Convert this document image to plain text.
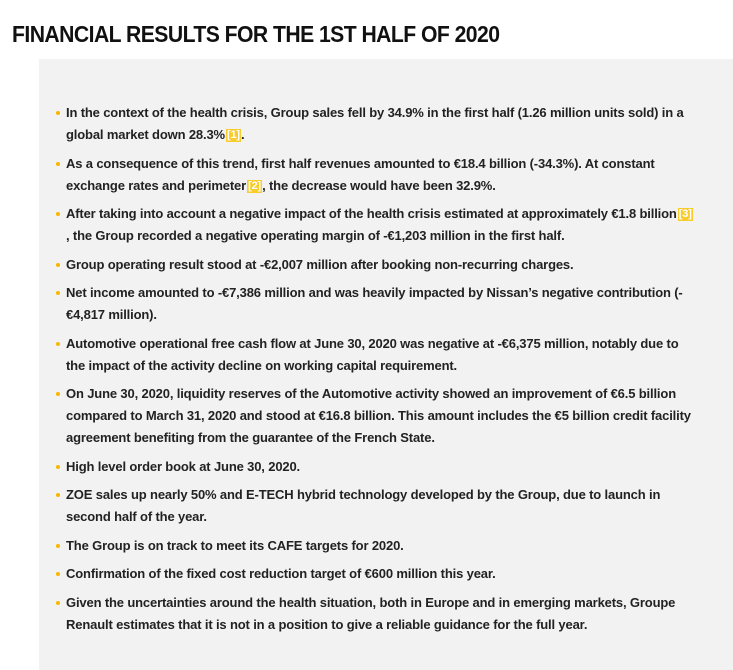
FINANCIAL RESULTS FOR THE 1ST HALF OF 2020
In the context of the health crisis, Group sales fell by 34.9% in the first half (1.26 million units sold) in a global market down 28.3% [1].
As a consequence of this trend, first half revenues amounted to €18.4 billion (-34.3%). At constant exchange rates and perimeter [2], the decrease would have been 32.9%.
After taking into account a negative impact of the health crisis estimated at approximately €1.8 billion [3], the Group recorded a negative operating margin of -€1,203 million in the first half.
Group operating result stood at -€2,007 million after booking non-recurring charges.
Net income amounted to -€7,386 million and was heavily impacted by Nissan’s negative contribution (-€4,817 million).
Automotive operational free cash flow at June 30, 2020 was negative at -€6,375 million, notably due to the impact of the activity decline on working capital requirement.
On June 30, 2020, liquidity reserves of the Automotive activity showed an improvement of €6.5 billion compared to March 31, 2020 and stood at €16.8 billion. This amount includes the €5 billion credit facility agreement benefiting from the guarantee of the French State.
High level order book at June 30, 2020.
ZOE sales up nearly 50% and E-TECH hybrid technology developed by the Group, due to launch in second half of the year.
The Group is on track to meet its CAFE targets for 2020.
Confirmation of the fixed cost reduction target of €600 million this year.
Given the uncertainties around the health situation, both in Europe and in emerging markets, Groupe Renault estimates that it is not in a position to give a reliable guidance for the full year.
